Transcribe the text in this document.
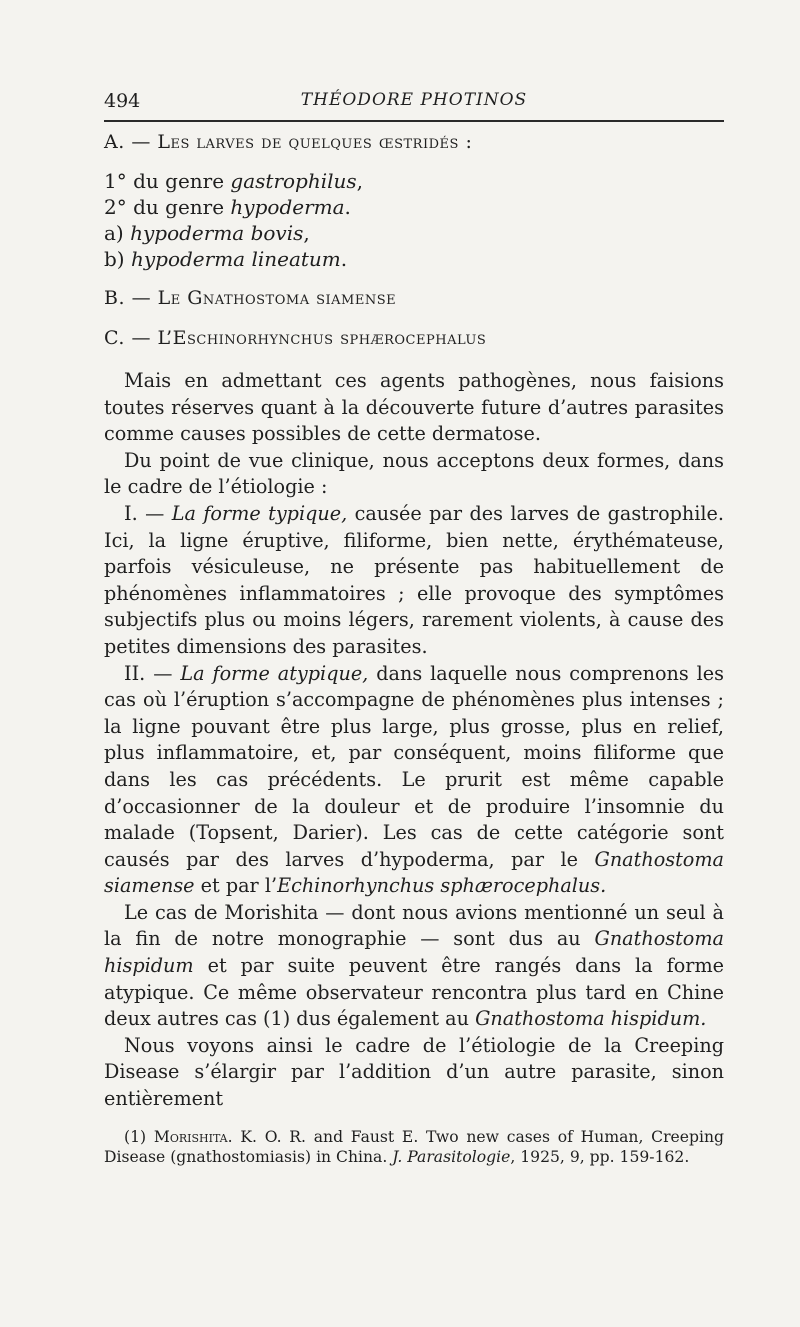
494	THÉODORE PHOTINOS

A. — Les larves de quelques œstridés :

1° du genre gastrophilus,
2° du genre hypoderma.
a) hypoderma bovis,
b) hypoderma lineatum.

B. — Le Gnathostoma siamense

C. — L’Eschinorhynchus sphærocephalus

Mais en admettant ces agents pathogènes, nous faisions toutes réserves quant à la découverte future d’autres parasites comme causes possibles de cette dermatose.

Du point de vue clinique, nous acceptons deux formes, dans le cadre de l’étiologie :

I. — La forme typique, causée par des larves de gastrophile. Ici, la ligne éruptive, filiforme, bien nette, érythémateuse, parfois vésiculeuse, ne présente pas habituellement de phénomènes inflammatoires ; elle provoque des symptômes subjectifs plus ou moins légers, rarement violents, à cause des petites dimensions des parasites.

II. — La forme atypique, dans laquelle nous comprenons les cas où l’éruption s’accompagne de phénomènes plus intenses ; la ligne pouvant être plus large, plus grosse, plus en relief, plus inflammatoire, et, par conséquent, moins filiforme que dans les cas précédents. Le prurit est même capable d’occasionner de la douleur et de produire l’insomnie du malade (Topsent, Darier). Les cas de cette catégorie sont causés par des larves d’hypoderma, par le Gnathostoma siamense et par l’Echinorhynchus sphærocephalus.

Le cas de Morishita — dont nous avions mentionné un seul à la fin de notre monographie — sont dus au Gnathostoma hispidum et par suite peuvent être rangés dans la forme atypique. Ce même observateur rencontra plus tard en Chine deux autres cas (1) dus également au Gnathostoma hispidum.

Nous voyons ainsi le cadre de l’étiologie de la Creeping Disease s’élargir par l’addition d’un autre parasite, sinon entièrement

(1) Morishita. K. O. R. and Faust E. Two new cases of Human, Creeping Disease (gnathostomiasis) in China. J. Parasitologie, 1925, 9, pp. 159-162.
